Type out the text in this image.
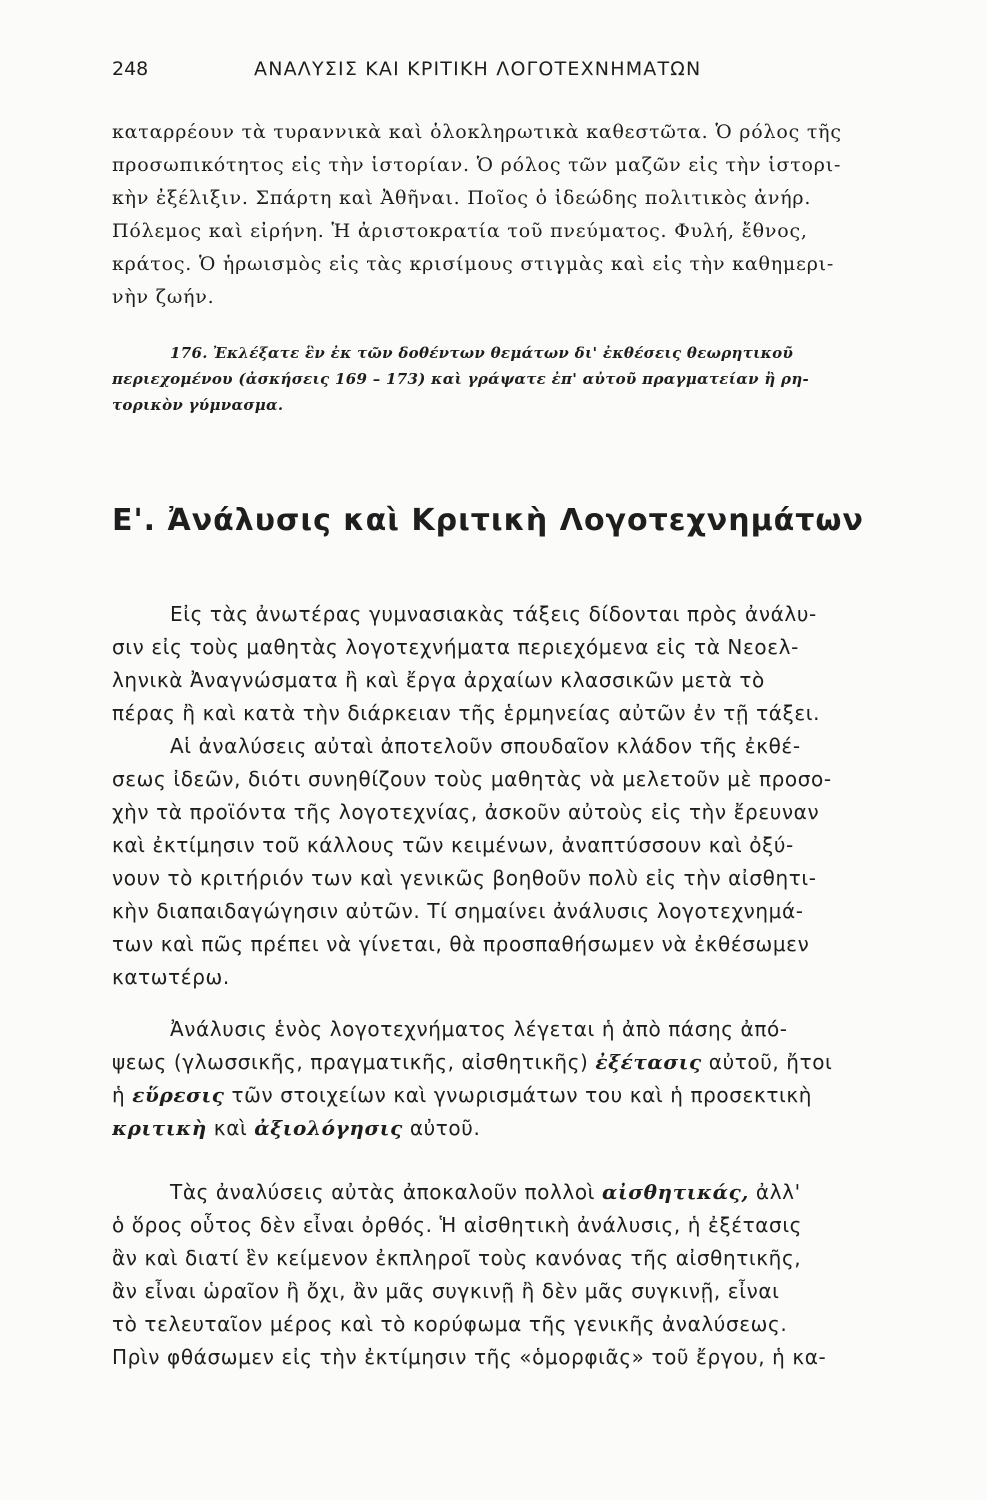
248	ΑΝΑΛΥΣΙΣ ΚΑΙ ΚΡΙΤΙΚΗ ΛΟΓΟΤΕΧΝΗΜΑΤΩΝ
καταρρέουν τὰ τυραννικὰ καὶ ὁλοκληρωτικὰ καθεστῶτα. Ὁ ρόλος τῆς
προσωπικότητος εἰς τὴν ἱστορίαν. Ὁ ρόλος τῶν μαζῶν εἰς τὴν ἱστορι-
κὴν ἐξέλιξιν. Σπάρτη καὶ Ἀθῆναι. Ποῖος ὁ ἰδεώδης πολιτικὸς ἀνήρ.
Πόλεμος καὶ εἰρήνη. Ἡ ἀριστοκρατία τοῦ πνεύματος. Φυλή, ἔθνος,
κράτος. Ὁ ἡρωισμὸς εἰς τὰς κρισίμους στιγμὰς καὶ εἰς τὴν καθημερι-
νὴν ζωήν.
176. Ἐκλέξατε ἓν ἐκ τῶν δοθέντων θεμάτων δι' ἐκθέσεις θεωρητικοῦ
περιεχομένου (ἀσκήσεις 169 – 173) καὶ γράψατε ἐπ' αὐτοῦ πραγματείαν ἢ ρη-
τορικὸν γύμνασμα.
Ε'. Ἀνάλυσις καὶ Κριτικὴ Λογοτεχνημάτων
Εἰς τὰς ἀνωτέρας γυμνασιακὰς τάξεις δίδονται πρὸς ἀνάλυ-
σιν εἰς τοὺς μαθητὰς λογοτεχνήματα περιεχόμενα εἰς τὰ Νεοελ-
ληνικὰ Ἀναγνώσματα ἢ καὶ ἔργα ἀρχαίων κλασσικῶν μετὰ τὸ
πέρας ἢ καὶ κατὰ τὴν διάρκειαν τῆς ἑρμηνείας αὐτῶν ἐν τῇ τάξει.
Αἱ ἀναλύσεις αὐταὶ ἀποτελοῦν σπουδαῖον κλάδον τῆς ἐκθέ-
σεως ἰδεῶν, διότι συνηθίζουν τοὺς μαθητὰς νὰ μελετοῦν μὲ προσο-
χὴν τὰ προϊόντα τῆς λογοτεχνίας, ἀσκοῦν αὐτοὺς εἰς τὴν ἔρευναν
καὶ ἐκτίμησιν τοῦ κάλλους τῶν κειμένων, ἀναπτύσσουν καὶ ὀξύ-
νουν τὸ κριτήριόν των καὶ γενικῶς βοηθοῦν πολὺ εἰς τὴν αἰσθητι-
κὴν διαπαιδαγώγησιν αὐτῶν. Τί σημαίνει ἀνάλυσις λογοτεχνημά-
των καὶ πῶς πρέπει νὰ γίνεται, θὰ προσπαθήσωμεν νὰ ἐκθέσωμεν
κατωτέρω.
Ἀνάλυσις ἑνὸς λογοτεχνήματος λέγεται ἡ ἀπὸ πάσης ἀπό-
ψεως (γλωσσικῆς, πραγματικῆς, αἰσθητικῆς) ἐξέτασις αὐτοῦ, ἤτοι
ἡ εὕρεσις τῶν στοιχείων καὶ γνωρισμάτων του καὶ ἡ προσεκτικὴ
κριτικὴ καὶ ἀξιολόγησις αὐτοῦ.
Τὰς ἀναλύσεις αὐτὰς ἀποκαλοῦν πολλοὶ αἰσθητικάς, ἀλλ'
ὁ ὅρος οὗτος δὲν εἶναι ὀρθός. Ἡ αἰσθητικὴ ἀνάλυσις, ἡ ἐξέτασις
ἂν καὶ διατί ἓν κείμενον ἐκπληροῖ τοὺς κανόνας τῆς αἰσθητικῆς,
ἂν εἶναι ὡραῖον ἢ ὄχι, ἂν μᾶς συγκινῇ ἢ δὲν μᾶς συγκινῇ, εἶναι
τὸ τελευταῖον μέρος καὶ τὸ κορύφωμα τῆς γενικῆς ἀναλύσεως.
Πρὶν φθάσωμεν εἰς τὴν ἐκτίμησιν τῆς «ὁμορφιᾶς» τοῦ ἔργου, ἡ κα-
